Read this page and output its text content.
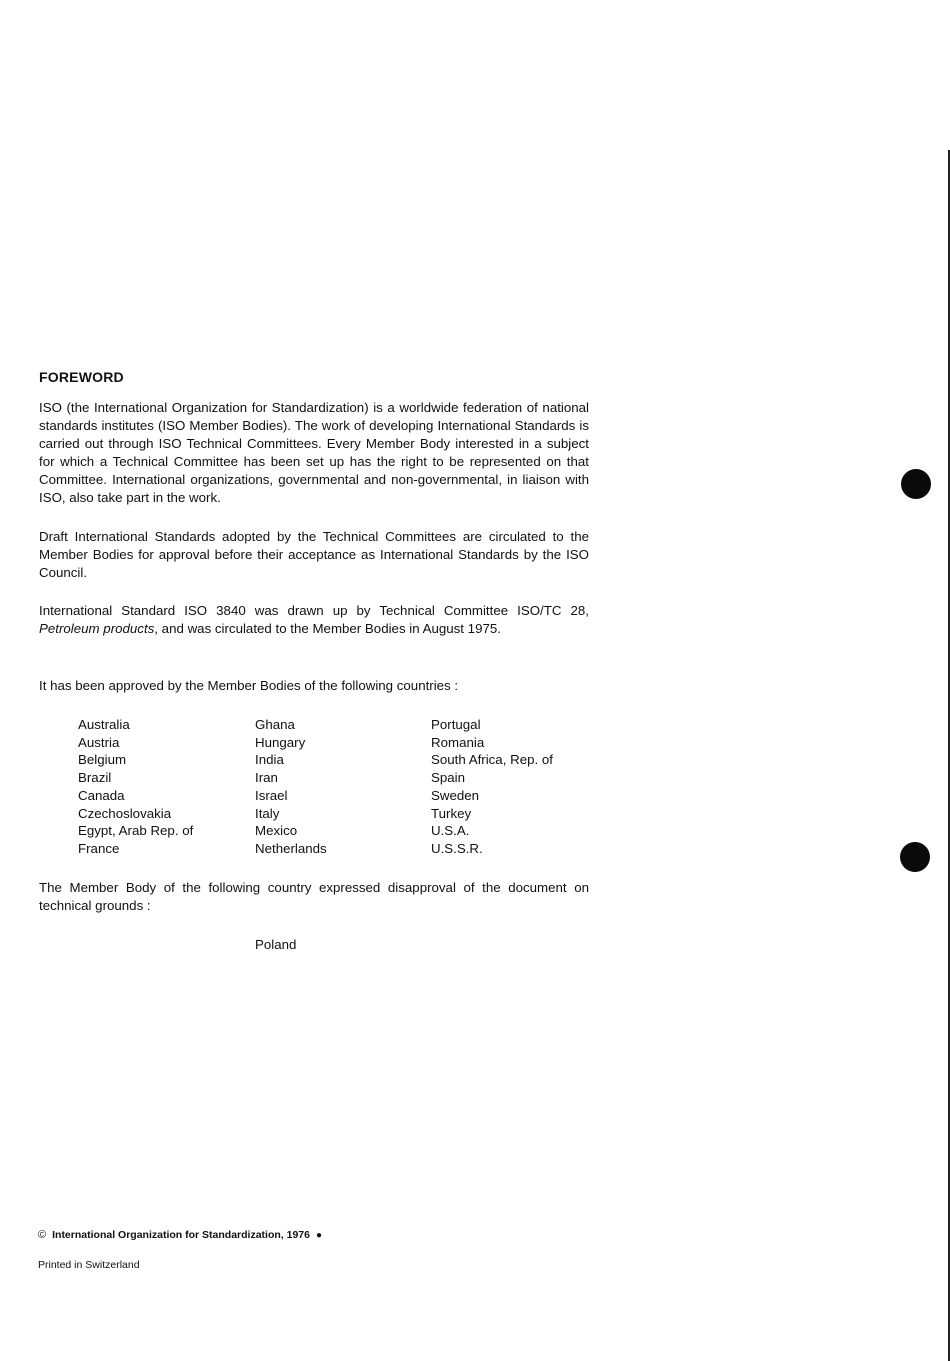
FOREWORD

ISO (the International Organization for Standardization) is a worldwide federation of national standards institutes (ISO Member Bodies). The work of developing International Standards is carried out through ISO Technical Committees. Every Member Body interested in a subject for which a Technical Committee has been set up has the right to be represented on that Committee. International organizations, governmental and non-governmental, in liaison with ISO, also take part in the work.

Draft International Standards adopted by the Technical Committees are circulated to the Member Bodies for approval before their acceptance as International Standards by the ISO Council.

International Standard ISO 3840 was drawn up by Technical Committee ISO/TC 28, Petroleum products, and was circulated to the Member Bodies in August 1975.

It has been approved by the Member Bodies of the following countries :

Australia
Austria
Belgium
Brazil
Canada
Czechoslovakia
Egypt, Arab Rep. of
France
Ghana
Hungary
India
Iran
Israel
Italy
Mexico
Netherlands
Portugal
Romania
South Africa, Rep. of
Spain
Sweden
Turkey
U.S.A.
U.S.S.R.

The Member Body of the following country expressed disapproval of the document on technical grounds :

Poland
© International Organization for Standardization, 1976 ●
Printed in Switzerland
